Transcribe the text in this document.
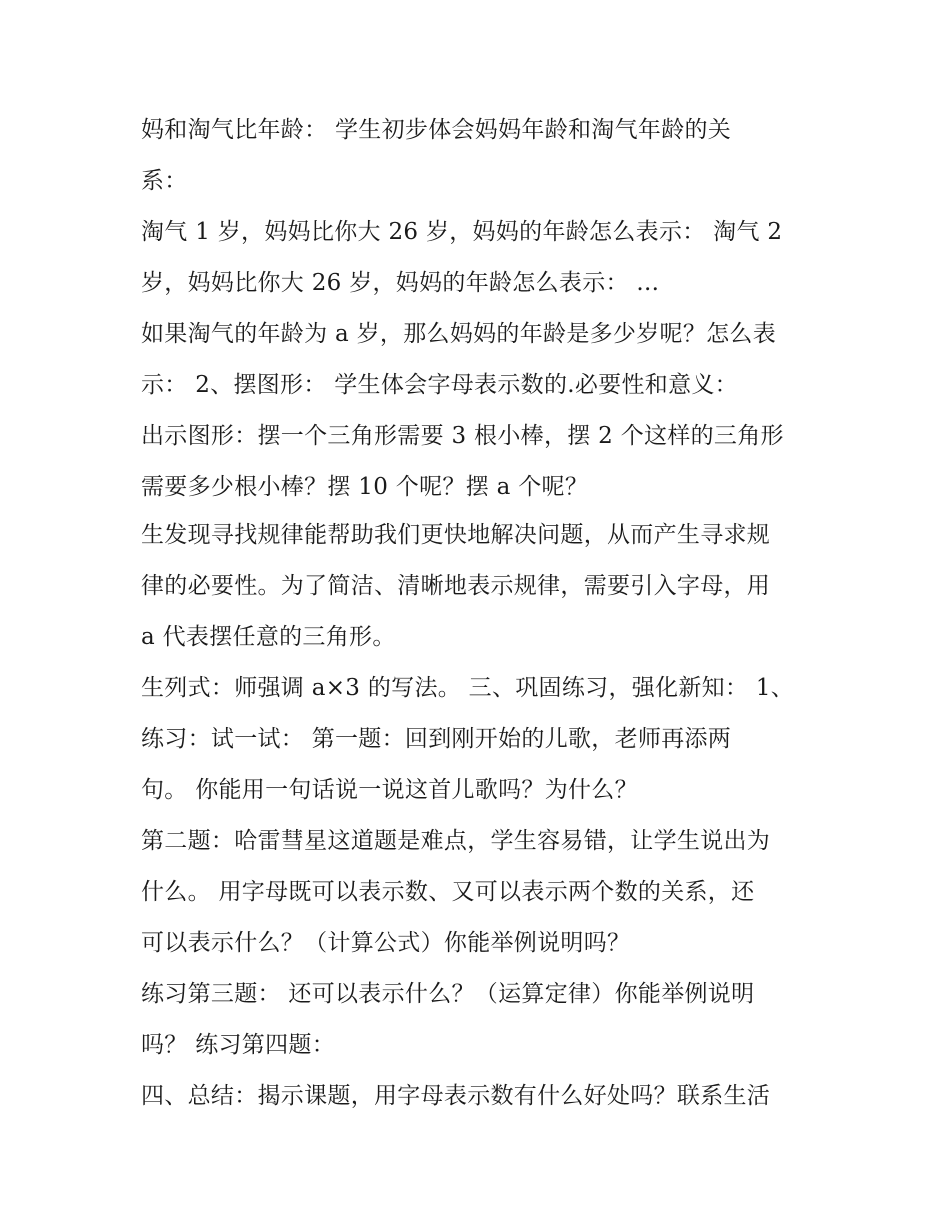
妈和淘气比年龄： 学生初步体会妈妈年龄和淘气年龄的关

系：

淘气 1 岁，妈妈比你大 26 岁，妈妈的年龄怎么表示： 淘气 2

岁，妈妈比你大 26 岁，妈妈的年龄怎么表示： ...

如果淘气的年龄为 a 岁，那么妈妈的年龄是多少岁呢？怎么表

示： 2、摆图形： 学生体会字母表示数的.必要性和意义：

出示图形：摆一个三角形需要 3 根小棒，摆 2 个这样的三角形

需要多少根小棒？摆 10 个呢？摆 a 个呢？

生发现寻找规律能帮助我们更快地解决问题，从而产生寻求规

律的必要性。为了简洁、清晰地表示规律，需要引入字母，用

a 代表摆任意的三角形。

生列式：师强调 a×3 的写法。 三、巩固练习，强化新知： 1、

练习：试一试： 第一题：回到刚开始的儿歌，老师再添两

句。 你能用一句话说一说这首儿歌吗？为什么？

第二题：哈雷彗星这道题是难点，学生容易错，让学生说出为

什么。 用字母既可以表示数、又可以表示两个数的关系，还

可以表示什么？（计算公式）你能举例说明吗？

练习第三题： 还可以表示什么？（运算定律）你能举例说明

吗？ 练习第四题：

四、总结：揭示课题，用字母表示数有什么好处吗？联系生活
